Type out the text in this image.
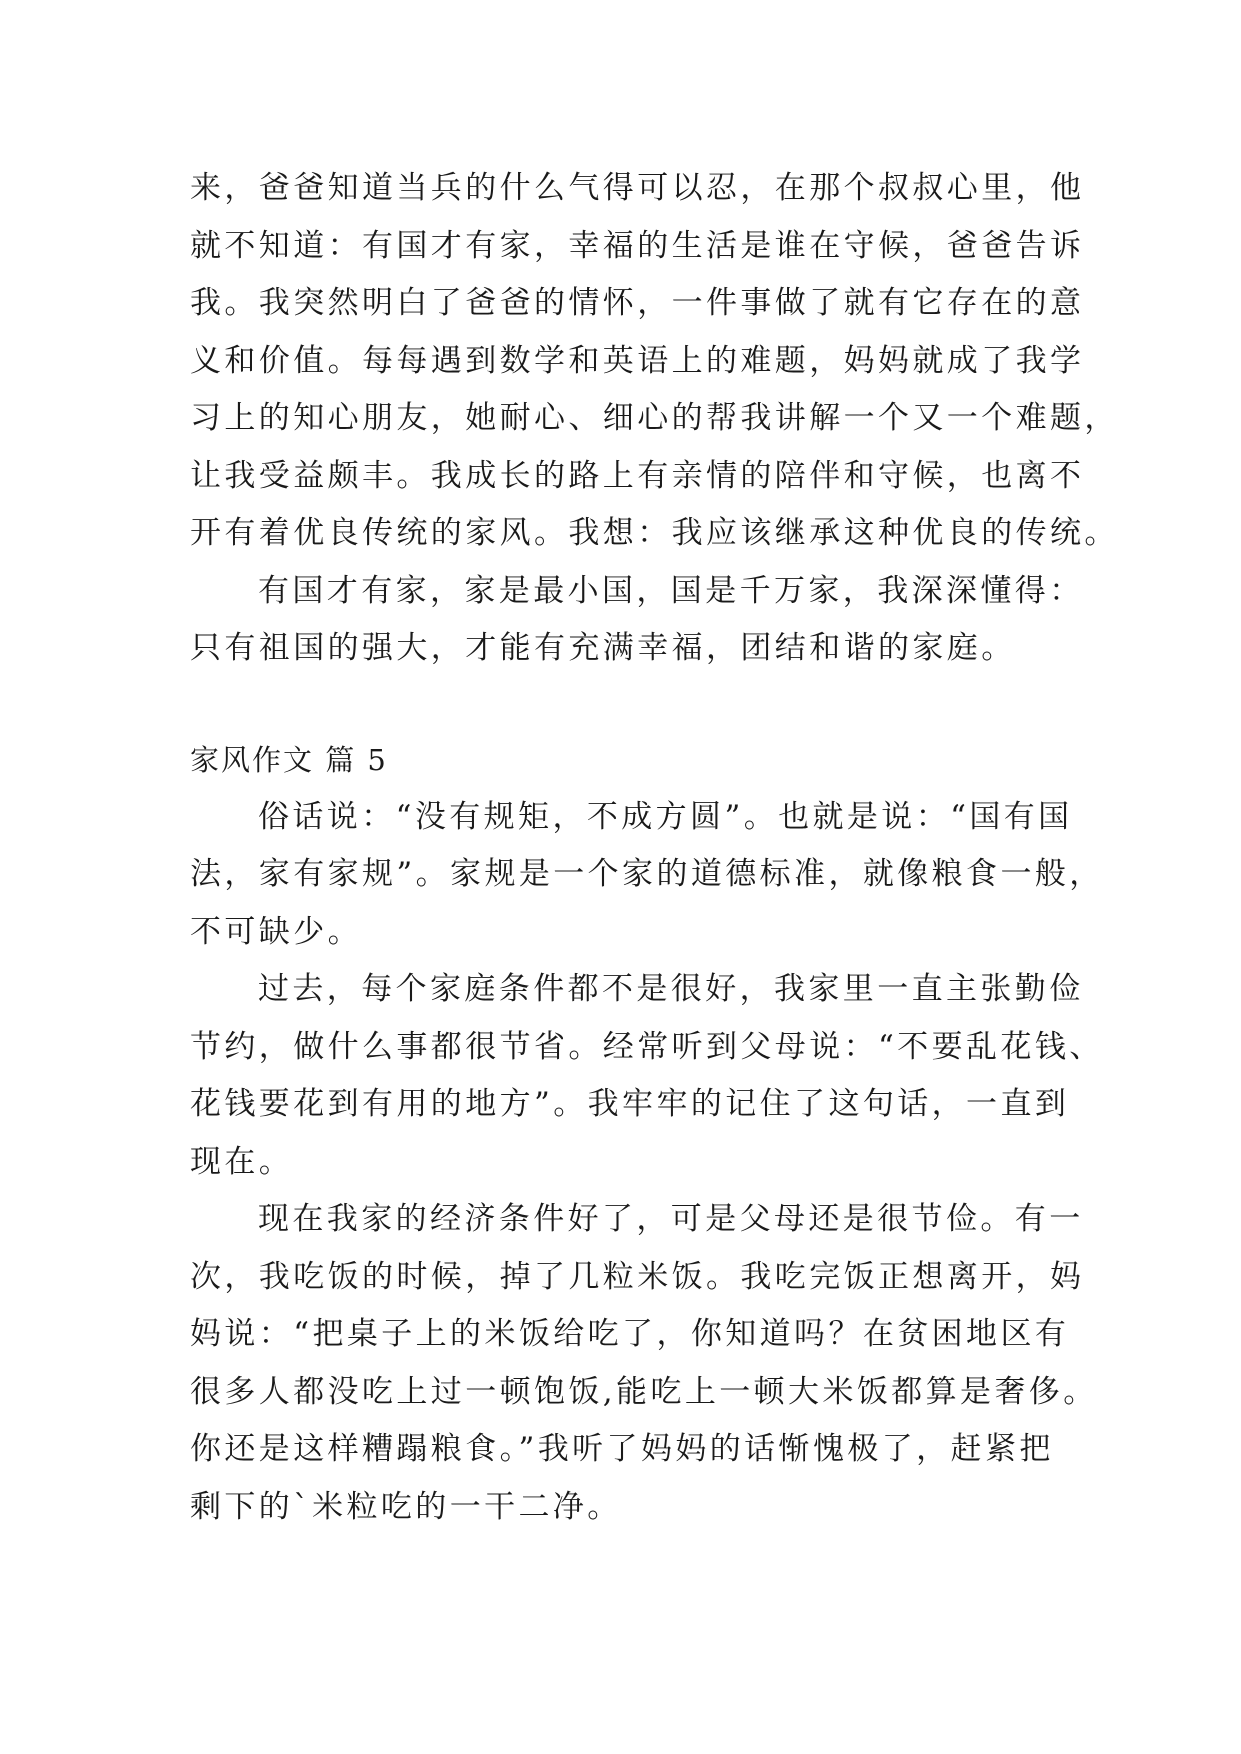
来，爸爸知道当兵的什么气得可以忍，在那个叔叔心里，他
就不知道：有国才有家，幸福的生活是谁在守候，爸爸告诉
我。我突然明白了爸爸的情怀，一件事做了就有它存在的意
义和价值。每每遇到数学和英语上的难题，妈妈就成了我学
习上的知心朋友，她耐心、细心的帮我讲解一个又一个难题，
让我受益颇丰。我成长的路上有亲情的陪伴和守候，也离不
开有着优良传统的家风。我想：我应该继承这种优良的传统。
有国才有家，家是最小国，国是千万家，我深深懂得：
只有祖国的强大，才能有充满幸福，团结和谐的家庭。
家风作文 篇 5
俗话说：“没有规矩，不成方圆”。也就是说：“国有国
法，家有家规”。家规是一个家的道德标准，就像粮食一般，
不可缺少。
过去，每个家庭条件都不是很好，我家里一直主张勤俭
节约，做什么事都很节省。经常听到父母说：“不要乱花钱、
花钱要花到有用的地方”。我牢牢的记住了这句话，一直到
现在。
现在我家的经济条件好了，可是父母还是很节俭。有一
次，我吃饭的时候，掉了几粒米饭。我吃完饭正想离开，妈
妈说：“把桌子上的米饭给吃了，你知道吗？在贫困地区有
很多人都没吃上过一顿饱饭,能吃上一顿大米饭都算是奢侈。
你还是这样糟蹋粮食。”我听了妈妈的话惭愧极了，赶紧把
剩下的`米粒吃的一干二净。
